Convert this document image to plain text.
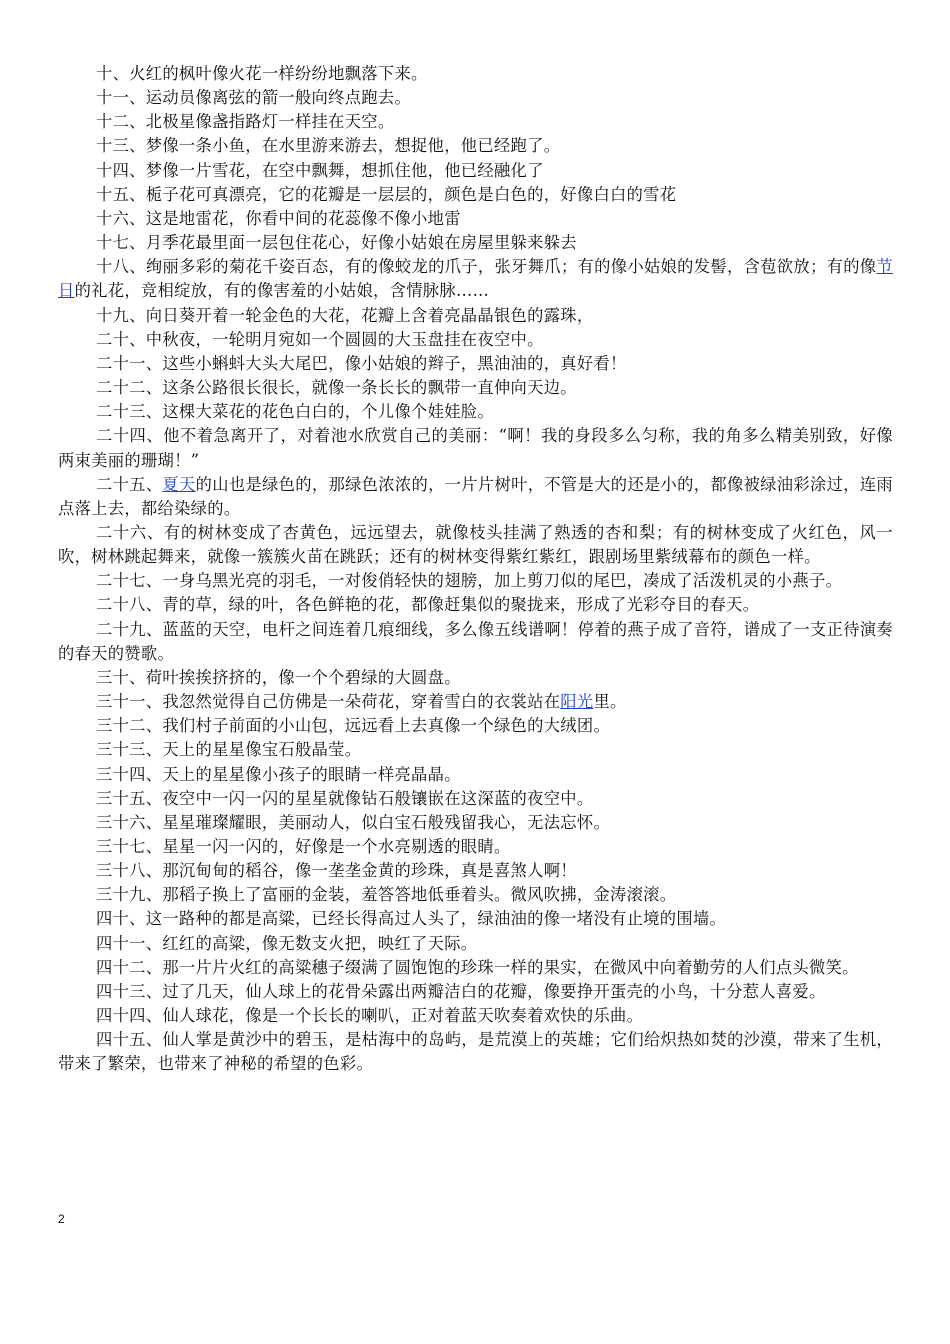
十、火红的枫叶像火花一样纷纷地飘落下来。

十一、运动员像离弦的箭一般向终点跑去。

十二、北极星像盏指路灯一样挂在天空。

十三、梦像一条小鱼，在水里游来游去，想捉他，他已经跑了。

十四、梦像一片雪花，在空中飘舞，想抓住他，他已经融化了

十五、栀子花可真漂亮，它的花瓣是一层层的，颜色是白色的，好像白白的雪花

十六、这是地雷花，你看中间的花蕊像不像小地雷

十七、月季花最里面一层包住花心，好像小姑娘在房屋里躲来躲去

十八、绚丽多彩的菊花千姿百态，有的像蛟龙的爪子，张牙舞爪；有的像小姑娘的发髻，含苞欲放；有的像节日的礼花，竞相绽放，有的像害羞的小姑娘，含情脉脉……

十九、向日葵开着一轮金色的大花，花瓣上含着亮晶晶银色的露珠，

二十、中秋夜，一轮明月宛如一个圆圆的大玉盘挂在夜空中。

二十一、这些小蝌蚪大头大尾巴，像小姑娘的辫子，黑油油的，真好看！

二十二、这条公路很长很长，就像一条长长的飘带一直伸向天边。

二十三、这棵大菜花的花色白白的，个儿像个娃娃脸。

二十四、他不着急离开了，对着池水欣赏自己的美丽：“啊！我的身段多么匀称，我的角多么精美别致，好像两束美丽的珊瑚！”

二十五、夏天的山也是绿色的，那绿色浓浓的，一片片树叶，不管是大的还是小的，都像被绿油彩涂过，连雨点落上去，都给染绿的。

二十六、有的树林变成了杏黄色，远远望去，就像枝头挂满了熟透的杏和梨；有的树林变成了火红色，风一吹，树林跳起舞来，就像一簇簇火苗在跳跃；还有的树林变得紫红紫红，跟剧场里紫绒幕布的颜色一样。

二十七、一身乌黑光亮的羽毛，一对俊俏轻快的翅膀，加上剪刀似的尾巴，凑成了活泼机灵的小燕子。

二十八、青的草，绿的叶，各色鲜艳的花，都像赶集似的聚拢来，形成了光彩夺目的春天。

二十九、蓝蓝的天空，电杆之间连着几痕细线，多么像五线谱啊！停着的燕子成了音符，谱成了一支正待演奏的春天的赞歌。

三十、荷叶挨挨挤挤的，像一个个碧绿的大圆盘。

三十一、我忽然觉得自己仿佛是一朵荷花，穿着雪白的衣裳站在阳光里。

三十二、我们村子前面的小山包，远远看上去真像一个绿色的大绒团。

三十三、天上的星星像宝石般晶莹。

三十四、天上的星星像小孩子的眼睛一样亮晶晶。

三十五、夜空中一闪一闪的星星就像钻石般镶嵌在这深蓝的夜空中。

三十六、星星璀璨耀眼，美丽动人，似白宝石般残留我心，无法忘怀。

三十七、星星一闪一闪的，好像是一个水亮剔透的眼睛。

三十八、那沉甸甸的稻谷，像一垄垄金黄的珍珠，真是喜煞人啊！

三十九、那稻子换上了富丽的金装，羞答答地低垂着头。微风吹拂，金涛滚滚。

四十、这一路种的都是高粱，已经长得高过人头了，绿油油的像一堵没有止境的围墙。

四十一、红红的高粱，像无数支火把，映红了天际。

四十二、那一片片火红的高粱穗子缀满了圆饱饱的珍珠一样的果实，在微风中向着勤劳的人们点头微笑。

四十三、过了几天，仙人球上的花骨朵露出两瓣洁白的花瓣，像要挣开蛋壳的小鸟，十分惹人喜爱。

四十四、仙人球花，像是一个长长的喇叭，正对着蓝天吹奏着欢快的乐曲。

四十五、仙人掌是黄沙中的碧玉，是枯海中的岛屿，是荒漠上的英雄；它们给炽热如焚的沙漠，带来了生机，带来了繁荣，也带来了神秘的希望的色彩。

2
